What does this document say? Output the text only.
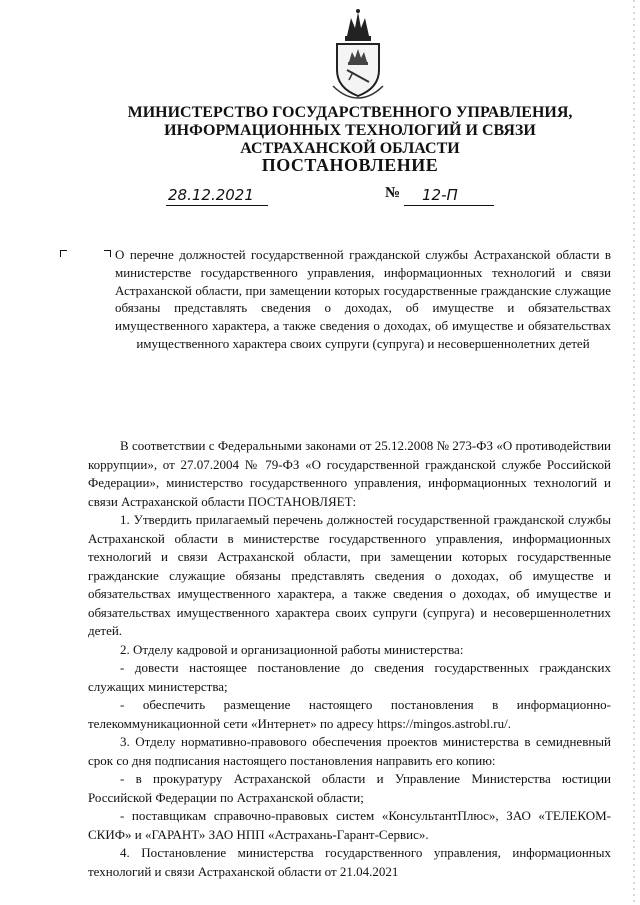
МИНИСТЕРСТВО ГОСУДАРСТВЕННОГО УПРАВЛЕНИЯ,
ИНФОРМАЦИОННЫХ ТЕХНОЛОГИЙ И СВЯЗИ
АСТРАХАНСКОЙ ОБЛАСТИ
ПОСТАНОВЛЕНИЕ
28.12.2021	№ 12-П
О перечне должностей государственной гражданской службы Астраханской области в министерстве государственного управления, информационных технологий и связи Астраханской области, при замещении которых государственные гражданские служащие обязаны представлять сведения о доходах, об имуществе и обязательствах имущественного характера, а также сведения о доходах, об имуществе и обязательствах имущественного характера своих супруги (супруга) и несовершеннолетних детей

В соответствии с Федеральными законами от 25.12.2008 № 273-ФЗ «О противодействии коррупции», от 27.07.2004 № 79-ФЗ «О государственной гражданской службе Российской Федерации», министерство государственного управления, информационных технологий и связи Астраханской области ПОСТАНОВЛЯЕТ:

1. Утвердить прилагаемый перечень должностей государственной гражданской службы Астраханской области в министерстве государственного управления, информационных технологий и связи Астраханской области, при замещении которых государственные гражданские служащие обязаны представлять сведения о доходах, об имуществе и обязательствах имущественного характера, а также сведения о доходах, об имуществе и обязательствах имущественного характера своих супруги (супруга) и несовершеннолетних детей.

2. Отделу кадровой и организационной работы министерства:

- довести настоящее постановление до сведения государственных гражданских служащих министерства;

- обеспечить размещение настоящего постановления в информационно-телекоммуникационной сети «Интернет» по адресу https://mingos.astrobl.ru/.

3. Отделу нормативно-правового обеспечения проектов министерства в семидневный срок со дня подписания настоящего постановления направить его копию:

- в прокуратуру Астраханской области и Управление Министерства юстиции Российской Федерации по Астраханской области;

- поставщикам справочно-правовых систем «КонсультантПлюс», ЗАО «ТЕЛЕКОМ-СКИФ» и «ГАРАНТ» ЗАО НПП «Астрахань-Гарант-Сервис».

4. Постановление министерства государственного управления, информационных технологий и связи Астраханской области от 21.04.2021
